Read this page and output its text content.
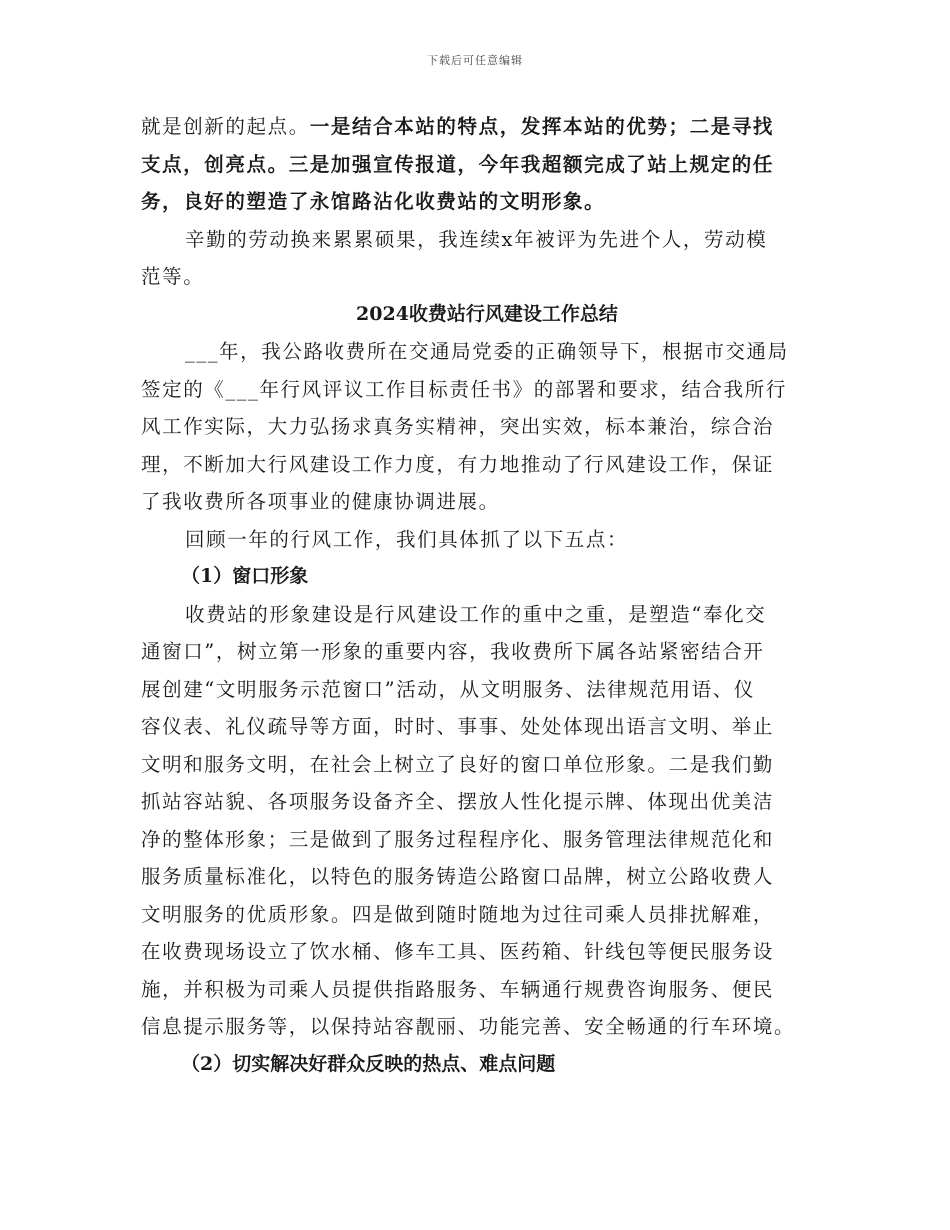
下载后可任意编辑
就是创新的起点。一是结合本站的特点，发挥本站的优势；二是寻找
支点，创亮点。三是加强宣传报道，今年我超额完成了站上规定的任
务，良好的塑造了永馆路沾化收费站的文明形象。
辛勤的劳动换来累累硕果，我连续x年被评为先进个人，劳动模
范等。
2024收费站行风建设工作总结
___年，我公路收费所在交通局党委的正确领导下，根据市交通局
签定的《___年行风评议工作目标责任书》的部署和要求，结合我所行
风工作实际，大力弘扬求真务实精神，突出实效，标本兼治，综合治
理，不断加大行风建设工作力度，有力地推动了行风建设工作，保证
了我收费所各项事业的健康协调进展。
回顾一年的行风工作，我们具体抓了以下五点：
（1）窗口形象
收费站的形象建设是行风建设工作的重中之重，是塑造“奉化交
通窗口”，树立第一形象的重要内容，我收费所下属各站紧密结合开
展创建“文明服务示范窗口”活动，从文明服务、法律规范用语、仪
容仪表、礼仪疏导等方面，时时、事事、处处体现出语言文明、举止
文明和服务文明，在社会上树立了良好的窗口单位形象。二是我们勤
抓站容站貌、各项服务设备齐全、摆放人性化提示牌、体现出优美洁
净的整体形象；三是做到了服务过程程序化、服务管理法律规范化和
服务质量标准化，以特色的服务铸造公路窗口品牌，树立公路收费人
文明服务的优质形象。四是做到随时随地为过往司乘人员排扰解难，
在收费现场设立了饮水桶、修车工具、医药箱、针线包等便民服务设
施，并积极为司乘人员提供指路服务、车辆通行规费咨询服务、便民
信息提示服务等，以保持站容靓丽、功能完善、安全畅通的行车环境。
（2）切实解决好群众反映的热点、难点问题
